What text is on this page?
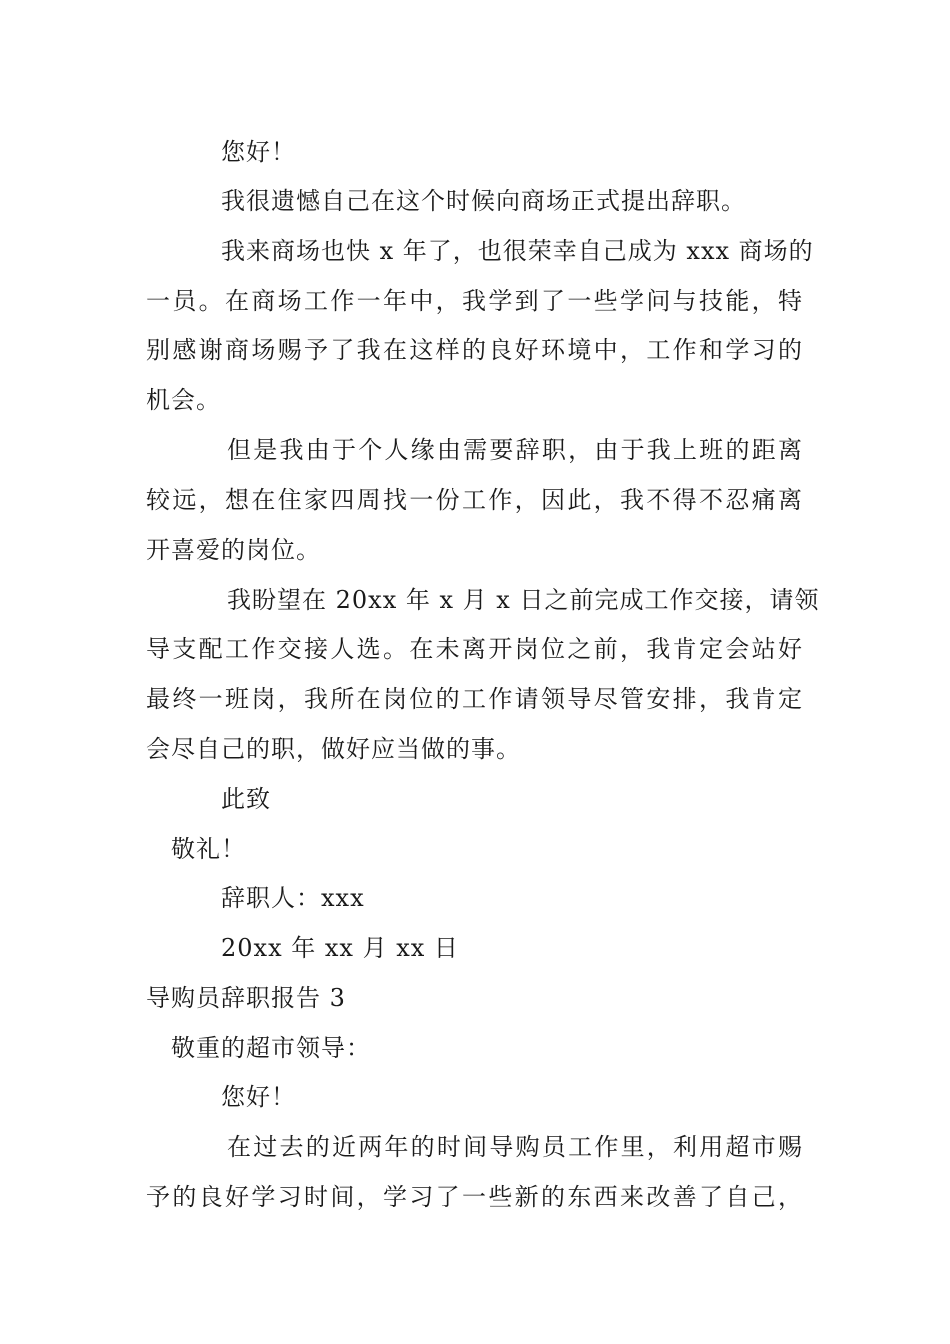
您好！

我很遗憾自己在这个时候向商场正式提出辞职。

我来商场也快 x 年了，也很荣幸自己成为 xxx 商场的

一员。在商场工作一年中，我学到了一些学问与技能，特

别感谢商场赐予了我在这样的良好环境中，工作和学习的

机会。

但是我由于个人缘由需要辞职，由于我上班的距离

较远，想在住家四周找一份工作，因此，我不得不忍痛离

开喜爱的岗位。

我盼望在 20xx 年 x 月 x 日之前完成工作交接，请领

导支配工作交接人选。在未离开岗位之前，我肯定会站好

最终一班岗，我所在岗位的工作请领导尽管安排，我肯定

会尽自己的职，做好应当做的事。

此致

敬礼！

辞职人：xxx

20xx 年 xx 月 xx 日

导购员辞职报告 3

敬重的超市领导：

您好！

在过去的近两年的时间导购员工作里，利用超市赐

予的良好学习时间，学习了一些新的东西来改善了自己，
